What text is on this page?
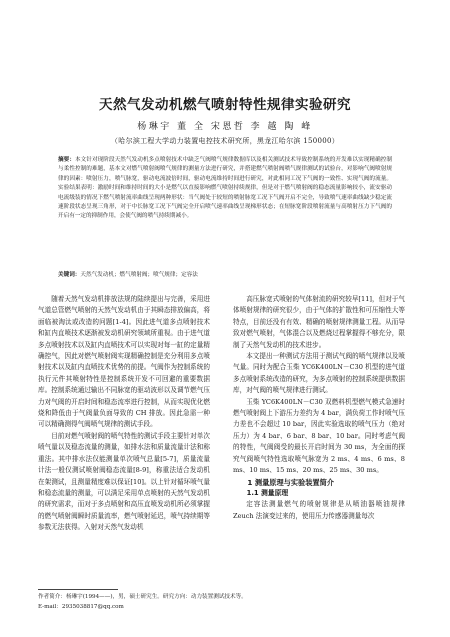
天然气发动机燃气喷射特性规律实验研究
杨琳宇 董 全 宋恩哲 李 越 陶 峰
（哈尔滨工程大学动力装置电控技术研究所，黑龙江哈尔滨 150000）
摘要：本文针对现阶段天然气发动机多点喷射技术中缺乏气阀喷气规律数据库以及相关测试技术导致控制系统的开发难以实现精确控制与柔性控制的难题，基本文对燃气喷射阀喷气规律的测量方法进行研究，并搭建燃气喷射阀喷气规律测试的试验台，对影响气阀喷射规律的因素：喷射压力，喷气脉宽，驱动电流波倍时间，驱动电流维持时间进行研究，对此相同工况下气阀的一致性、实现气阀的流量。实验结果表明：激励时间和维持时间的大小是燃气以直接影响燃气喷射持续规律，但是对于燃气喷射阀的稳态流量影响较小，流安驱动电流级装的情况下燃气喷射流率曲线呈现两种形状：当气阀处于较短的喷射脉宽工况下气阀开启不完全，导致喷气速率曲线缺少稳定流速阶段状态呈现三角形，对于中长脉宽工况下气阀完全开启喷气速率曲线呈现梯形状态；在短脉宽阶段喷射流量与高喷射压力下气阀的开启有一定的抑制作用，会使气阀的喷气持续期减小。
关键词：天然气发动机；燃气喷射阀；喷气规律；定容法

随着天然气发动机排放法规的陆续提出与完善，采用进气道总管燃气喷射的天然气发动机由于其瞬态排放偏高，将面临被淘汰或改造的问题[1-4]。因此进气道多点喷射技术和缸内直喷技术逐渐被发动机研究领域所重视。由于进气道多点喷射技术以及缸内直喷技术可以实现对每一缸的定量精确控气，因此对燃气喷射阀实现精确控制是充分利用多点喷射技术以及缸内直喷技术优势的前提。气阀作为控制系统的执行元件其喷射特性是控制系统开发不可回避的重要数据库。控制系统通过输出不同脉宽的驱动波形以及调节燃气压力对气阀的开启时间和稳态流率进行控制，从而实现优化燃烧和降低由于气阀量负面导致的 CH 排放。因此急需一种可以精确测得气阀喷气规律的测试手段。

目前对燃气喷射阀的喷气特性的测试手段主要针对单次喷气量以及稳态流量的测量，如排水法和质量流量计法和称重法。其中排水法仅能测量单次喷气总量[5-7]，质量流量计法一般仅测试喷射阀稳态流量[8-9]，称重法适合发动机在架测试，且测量精度难以保证[10]。以上针对循环喷气量和稳态流量的测量，可以满足采用单点喷射的天然气发动机的研究需求，而对于多点喷射和高压直喷发动机所必须掌握的燃气喷射阀瞬时质量流率，燃气喷射延迟，喷气持续期等参数无法获得。入射对天然气发动机

高压脉宽式喷射的气体射流的研究较早[11]，但对于气体喷射规律的研究很少，由于气体的扩散性和可压缩性大等特点，目前还没有有效、精确的喷射规律测量工程。从而导致对燃气喷射，气体混合以及燃烧过程掌握得不够充分，限制了天然气发动机的技术进步。

本文提出一种测试方法用于测试气阀的喷气规律以及喷气量。同时为配合玉柴 YC6K400LN－C30 机型的进气道多点喷射系统改造的研究，为多点喷射的控制系统提供数据库，对气阀的喷气规律进行测试。

玉柴 YC6K400LN－C30 双燃料机型燃气模式急速时燃气喷射阀上下游压力差约为 4 bar，满负荷工作时喷气压力差也不会超过 10 bar，因此实验选取的喷气压力（绝对压力）为 4 bar、6 bar、8 bar、10 bar。同时考虑气阀的特性，气阀阀受的最长开启时间为 30 ms，为全面的探究气阀喷气特性选取喷气脉宽为 2 ms、4 ms、6 ms、8 ms、10 ms、15 ms、20 ms、25 ms、30 ms。

1 测量原理与实验装置简介

1.1 测量原理

定容法测量燃气的喷射规律是从喷油器喷油规律 Zeuch 法演变过来的，使用压力传感器测量每次

作者简介：杨琳宇(1994——)，男，硕士研究生。研究方向：动力装置测试技术等。
E-mail：2935038817@qq.com
